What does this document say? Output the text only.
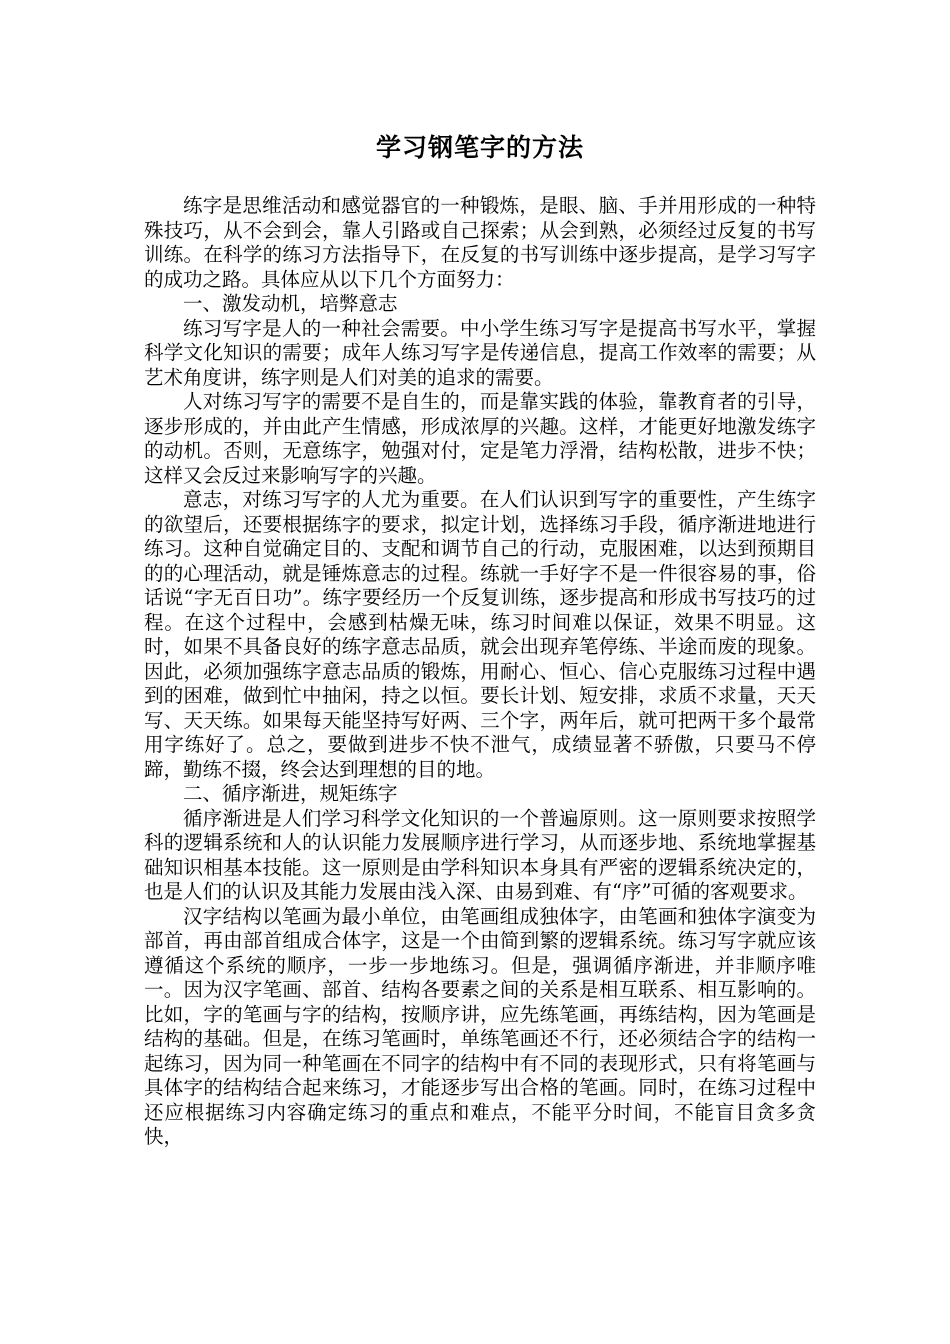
学习钢笔字的方法

练字是思维活动和感觉器官的一种锻炼，是眼、脑、手并用形成的一种特殊技巧，从不会到会，靠人引路或自己探索；从会到熟，必须经过反复的书写训练。在科学的练习方法指导下，在反复的书写训练中逐步提高，是学习写字的成功之路。具体应从以下几个方面努力：

一、激发动机，培弊意志

练习写字是人的一种社会需要。中小学生练习写字是提高书写水平，掌握科学文化知识的需要；成年人练习写字是传递信息，提高工作效率的需要；从艺术角度讲，练字则是人们对美的追求的需要。

人对练习写字的需要不是自生的，而是靠实践的体验，靠教育者的引导，逐步形成的，并由此产生情感，形成浓厚的兴趣。这样，才能更好地激发练字的动机。否则，无意练字，勉强对付，定是笔力浮滑，结构松散，进步不快；这样又会反过来影响写字的兴趣。

意志，对练习写字的人尤为重要。在人们认识到写字的重要性，产生练字的欲望后，还要根据练字的要求，拟定计划，选择练习手段，循序渐进地进行练习。这种自觉确定目的、支配和调节自己的行动，克服困难，以达到预期目的的心理活动，就是锤炼意志的过程。练就一手好字不是一件很容易的事，俗话说“字无百日功”。练字要经历一个反复训练，逐步提高和形成书写技巧的过程。在这个过程中，会感到枯燥无味，练习时间难以保证，效果不明显。这时，如果不具备良好的练字意志品质，就会出现弃笔停练、半途而废的现象。因此，必须加强练字意志品质的锻炼，用耐心、恒心、信心克服练习过程中遇到的困难，做到忙中抽闲，持之以恒。要长计划、短安排，求质不求量，天天写、天天练。如果每天能坚持写好两、三个字，两年后，就可把两干多个最常用字练好了。总之，要做到进步不快不泄气，成绩显著不骄傲，只要马不停蹄，勤练不掇，终会达到理想的目的地。

二、循序渐进，规矩练字

循序渐进是人们学习科学文化知识的一个普遍原则。这一原则要求按照学科的逻辑系统和人的认识能力发展顺序进行学习，从而逐步地、系统地掌握基础知识相基本技能。这一原则是由学科知识本身具有严密的逻辑系统决定的，也是人们的认识及其能力发展由浅入深、由易到难、有“序”可循的客观要求。

汉字结构以笔画为最小单位，由笔画组成独体字，由笔画和独体字演变为部首，再由部首组成合体字，这是一个由简到繁的逻辑系统。练习写字就应该遵循这个系统的顺序，一步一步地练习。但是，强调循序渐进，并非顺序唯一。因为汉字笔画、部首、结构各要素之间的关系是相互联系、相互影响的。比如，字的笔画与字的结构，按顺序讲，应先练笔画，再练结构，因为笔画是结构的基础。但是，在练习笔画时，单练笔画还不行，还必须结合字的结构一起练习，因为同一种笔画在不同字的结构中有不同的表现形式，只有将笔画与具体字的结构结合起来练习，才能逐步写出合格的笔画。同时，在练习过程中还应根据练习内容确定练习的重点和难点，不能平分时间，不能盲目贪多贪快，
